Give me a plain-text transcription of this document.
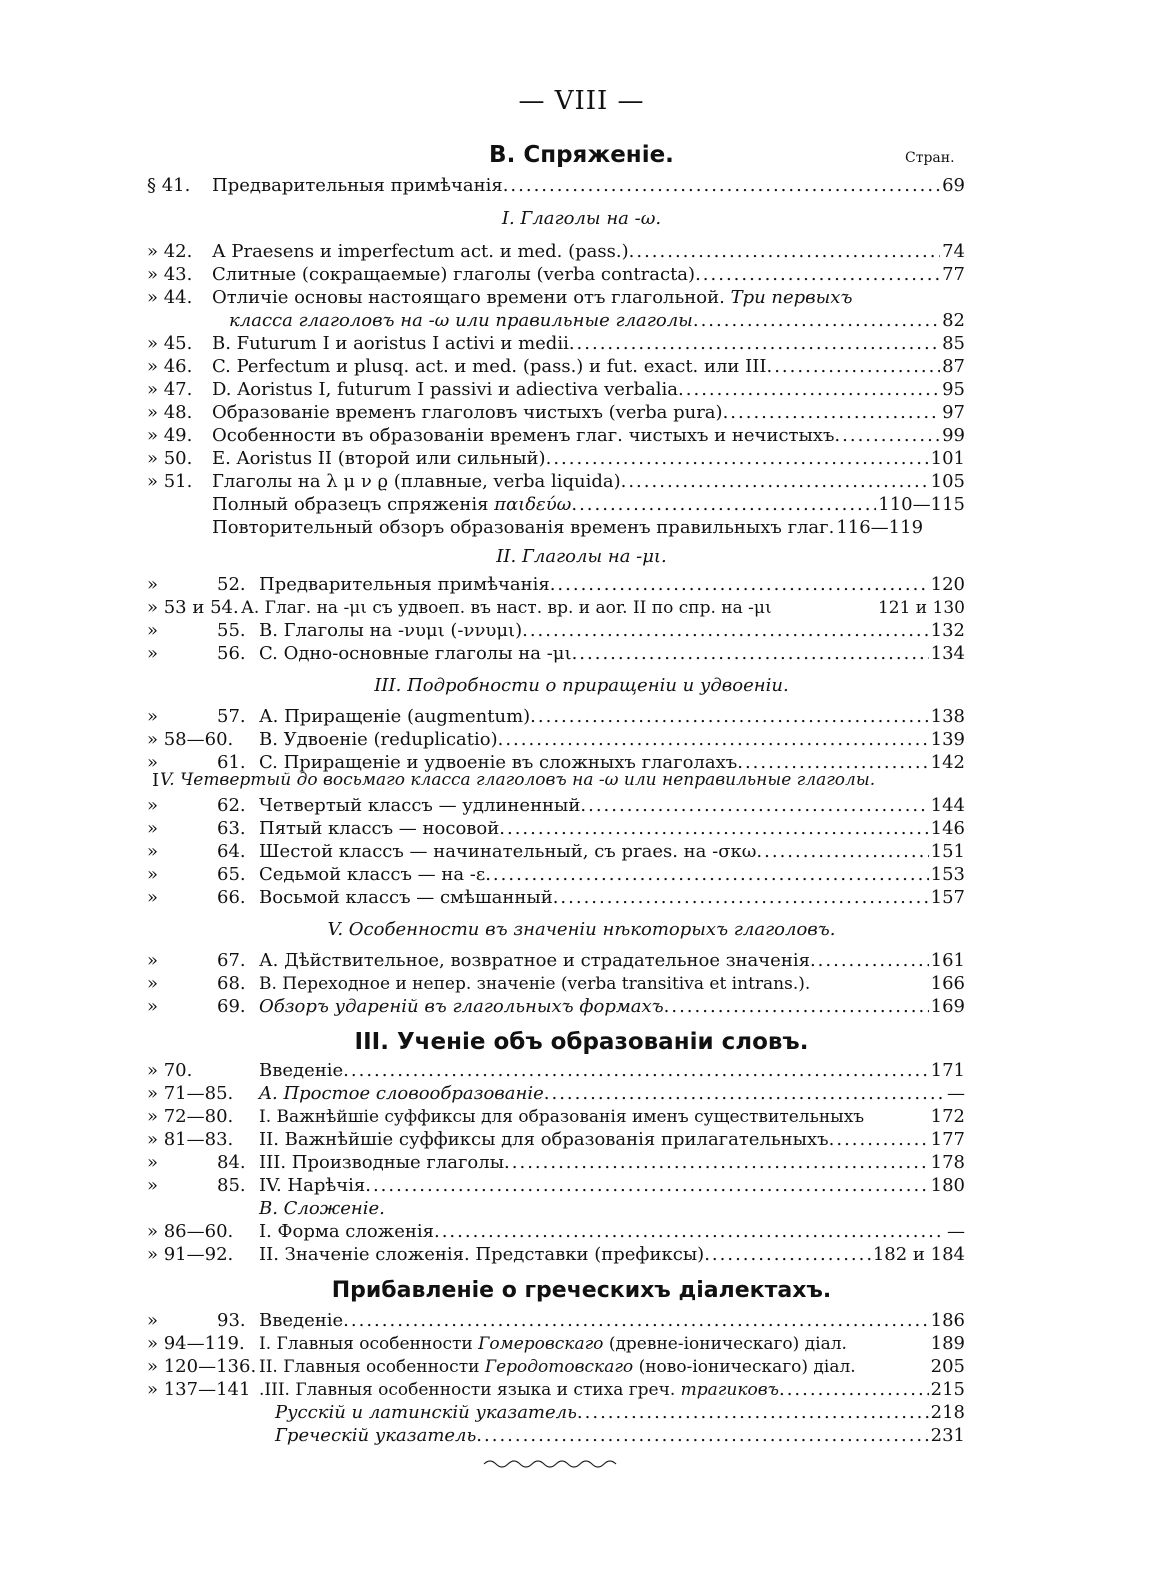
— VIII —
B. Спряженіе.	Стран.
§ 41. Предварительныя примѣчанія .....	69
I. Глаголы на -ω.
» 42. А Praesens и imperfectum act. и med. (pass.) .....	74
» 43. Слитные (сокращаемые) глаголы (verba contracta) .....	77
» 44. Отличіе основы настоящаго времени отъ глагольной. Три первыхъ
класса глаголовъ на -ω или правильные глаголы .....	82
» 45. B. Futurum I и aoristus I activi и medii .....	85
» 46. C. Perfectum и plusq. act. и med. (pass.) и fut. exact. или III .....	87
» 47. D. Aoristus I, futurum I passivi и adiectiva verbalia .....	95
» 48. Образованіе временъ глаголовъ чистыхъ (verba pura) .....	97
» 49. Особенности въ образованіи временъ глаг. чистыхъ и нечистыхъ .....	99
» 50. E. Aoristus II (второй или сильный) .....	101
» 51. Глаголы на λ μ ν ϱ (плавные, verba liquida) .....	105
Полный образецъ спряженія παιδεύω .....	110—115
Повторительный обзоръ образованія временъ правильныхъ глаг. 116—119
II. Глаголы на -μι.
»	52. Предварительныя примѣчанія .....	120
» 53 и 54. А. Глаг. на -μι съ удвоеп. въ наст. вр. и aor. II по спр. на -μι	121 и 130
»	55. B. Глаголы на -νυμι (-ννυμι) .....	132
»	56. C. Одно-основные глаголы на -μι .....	134
III. Подробности о приращеніи и удвоеніи.
»	57. А. Приращеніе (augmentum) .....	138
» 58—60. B. Удвоеніе (reduplicatio) .....	139
»	61. C. Приращеніе и удвоеніе въ сложныхъ глаголахъ .....	142
I V. Четвертый до восьмаго класса глаголовъ на -ω или неправильные глаголы.
»	62. Четвертый классъ — удлиненный .....	144
»	63. Пятый классъ — носовой .....	146
»	64. Шестой классъ — начинательный, съ praes. на -σκω .....	151
»	65. Седьмой классъ — на -ε .....	153
»	66. Восьмой классъ — смѣшанный .....	157
V. Особенности въ значеніи нѣкоторыхъ глаголовъ.
»	67. А. Дѣйствительное, возвратное и страдательное значенія .....	161
»	68. B. Переходное и непер. значеніе (verba transitiva et intrans.).	166
»	69. Обзоръ удареній въ глагольныхъ формахъ .....	169
III. Ученіе объ образованіи словъ.
» 70.	Введеніе .....	171
» 71—85. A. Простое словообразованіе .....	—
» 72—80. I. Важнѣйшіе суффиксы для образованія именъ существительныхъ	172
» 81—83. II. Важнѣйшіе суффиксы для образованія прилагательныхъ .....	177
»	84. III. Производные глаголы .....	178
»	85. IV. Нарѣчія .....	180
B. Сложеніе.
» 86—60. I. Форма сложенія .....	—
» 91—92. II. Значеніе сложенія. Представки (префиксы) .....	182 и 184
Прибавленіе о греческихъ діалектахъ.
»	93. Введеніе .....	186
» 94—119. I. Главныя особенности Гомеровскаго (древне-іоническаго) діал.	189
» 120—136. II. Главныя особенности Геродотовскаго (ново-іоническаго) діал.	205
» 137—141 .III. Главныя особенности языка и стиха греч. трагиковъ .....	215
Русскій и латинскій указатель .....	218
Греческій указатель .....	231
